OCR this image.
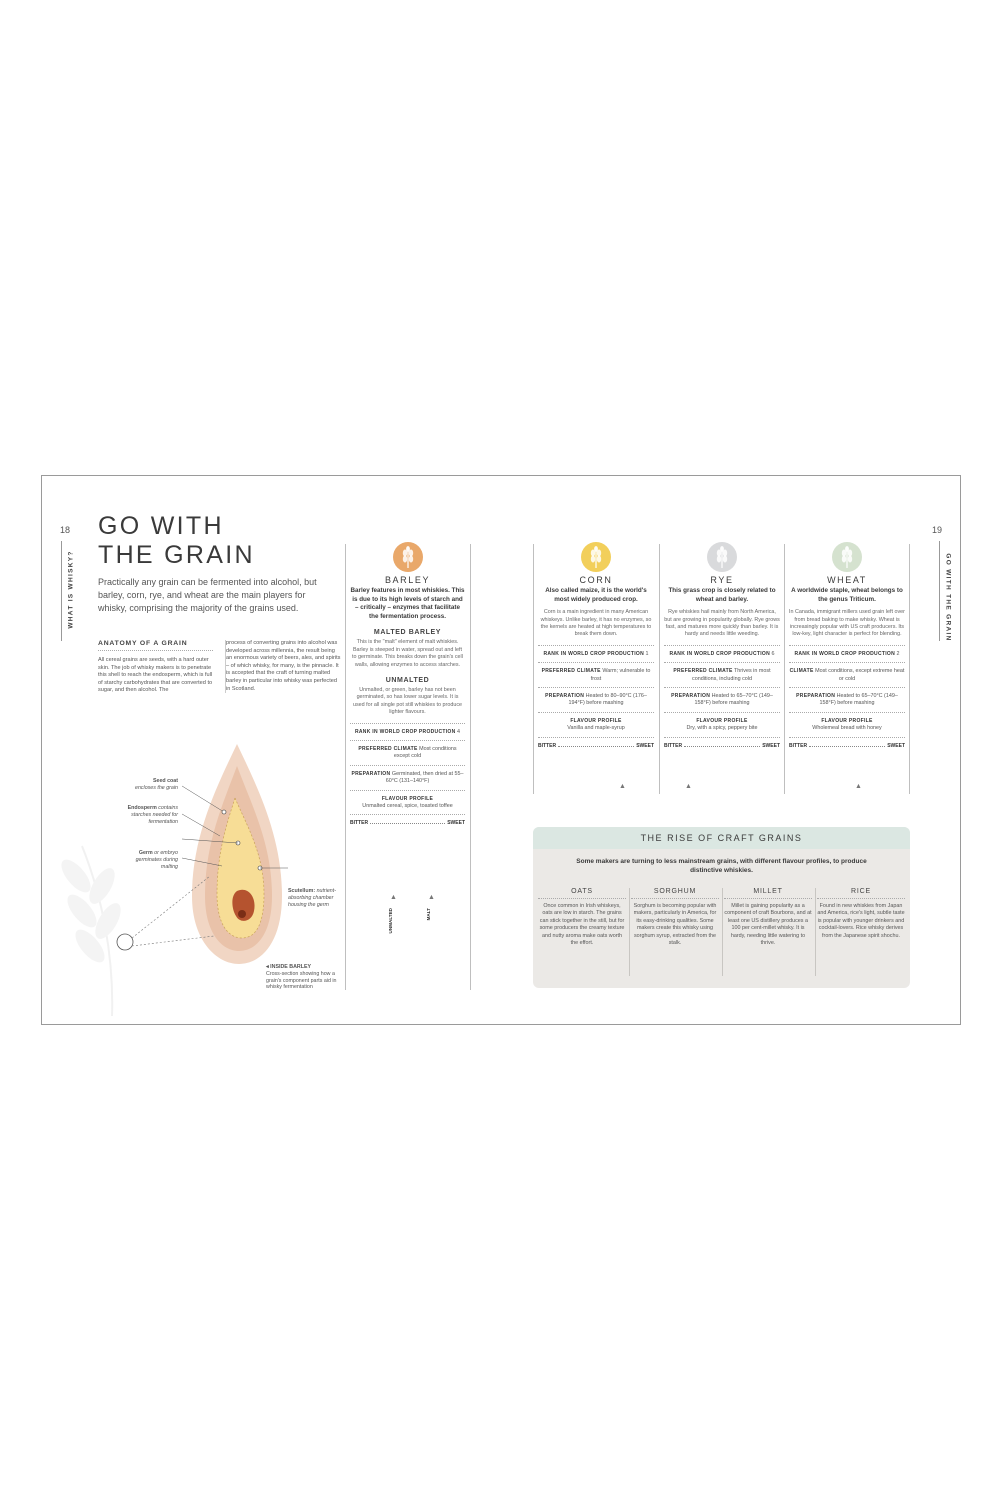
18
WHAT IS WHISKY?
GO WITH
THE GRAIN
Practically any grain can be fermented into alcohol, but barley, corn, rye, and wheat are the main players for whisky, comprising the majority of the grains used.
ANATOMY OF A GRAIN
All cereal grains are seeds, with a hard outer skin. The job of whisky makers is to penetrate this shell to reach the endosperm, which is full of starchy carbohydrates that are converted to sugar, and then alcohol. The
process of converting grains into alcohol was developed across millennia, the result being an enormous variety of beers, ales, and spirits – of which whisky, for many, is the pinnacle. It is accepted that the craft of turning malted barley in particular into whisky was perfected in Scotland.
Seed coat encloses the grain
Endosperm contains starches needed for fermentation
Germ or embryo germinates during malting
Scutellum: nutrient-absorbing chamber housing the germ
◂ INSIDE BARLEY
Cross-section showing how a grain's component parts aid in whisky fermentation
BARLEY
Barley features in most whiskies. This is due to its high levels of starch and – critically – enzymes that facilitate the fermentation process.
MALTED BARLEY
This is the "malt" element of malt whiskies. Barley is steeped in water, spread out and left to germinate. This breaks down the grain's cell walls, allowing enzymes to access starches.
UNMALTED
Unmalted, or green, barley has not been germinated, so has lower sugar levels. It is used for all single pot still whiskies to produce lighter flavours.
RANK IN WORLD CROP PRODUCTION 4
PREFERRED CLIMATE Most conditions except cold
PREPARATION Germinated, then dried at 55–60°C (131–140°F)
FLAVOUR PROFILE
Unmalted cereal, spice, toasted toffee
BITTER	SWEET
▲	▲
UNMALTED	MALT
19
GO WITH THE GRAIN
CORN
Also called maize, it is the world's most widely produced crop.
Corn is a main ingredient in many American whiskeys. Unlike barley, it has no enzymes, so the kernels are heated at high temperatures to break them down.
RANK IN WORLD CROP PRODUCTION 1
PREFERRED CLIMATE Warm; vulnerable to frost
PREPARATION Heated to 80–90°C (176–194°F) before mashing
FLAVOUR PROFILE
Vanilla and maple-syrup
BITTER	SWEET
▲
RYE
This grass crop is closely related to wheat and barley.
Rye whiskies hail mainly from North America, but are growing in popularity globally. Rye grows fast, and matures more quickly than barley. It is hardy and needs little weeding.
RANK IN WORLD CROP PRODUCTION 6
PREFERRED CLIMATE Thrives in most conditions, including cold
PREPARATION Heated to 65–70°C (149–158°F) before mashing
FLAVOUR PROFILE
Dry, with a spicy, peppery bite
BITTER	SWEET
▲
WHEAT
A worldwide staple, wheat belongs to the genus Triticum.
In Canada, immigrant millers used grain left over from bread baking to make whisky. Wheat is increasingly popular with US craft producers. Its low-key, light character is perfect for blending.
RANK IN WORLD CROP PRODUCTION 2
CLIMATE Most conditions, except extreme heat or cold
PREPARATION Heated to 65–70°C (149–158°F) before mashing
FLAVOUR PROFILE
Wholemeal bread with honey
BITTER	SWEET
▲
THE RISE OF CRAFT GRAINS
Some makers are turning to less mainstream grains, with different flavour profiles, to produce distinctive whiskies.
OATS
Once common in Irish whiskeys, oats are low in starch. The grains can stick together in the still, but for some producers the creamy texture and nutty aroma make oats worth the effort.
SORGHUM
Sorghum is becoming popular with makers, particularly in America, for its easy-drinking qualities. Some makers create this whisky using sorghum syrup, extracted from the stalk.
MILLET
Millet is gaining popularity as a component of craft Bourbons, and at least one US distillery produces a 100 per cent-millet whisky. It is hardy, needing little watering to thrive.
RICE
Found in new whiskies from Japan and America, rice's light, subtle taste is popular with younger drinkers and cocktail-lovers. Rice whisky derives from the Japanese spirit shochu.
